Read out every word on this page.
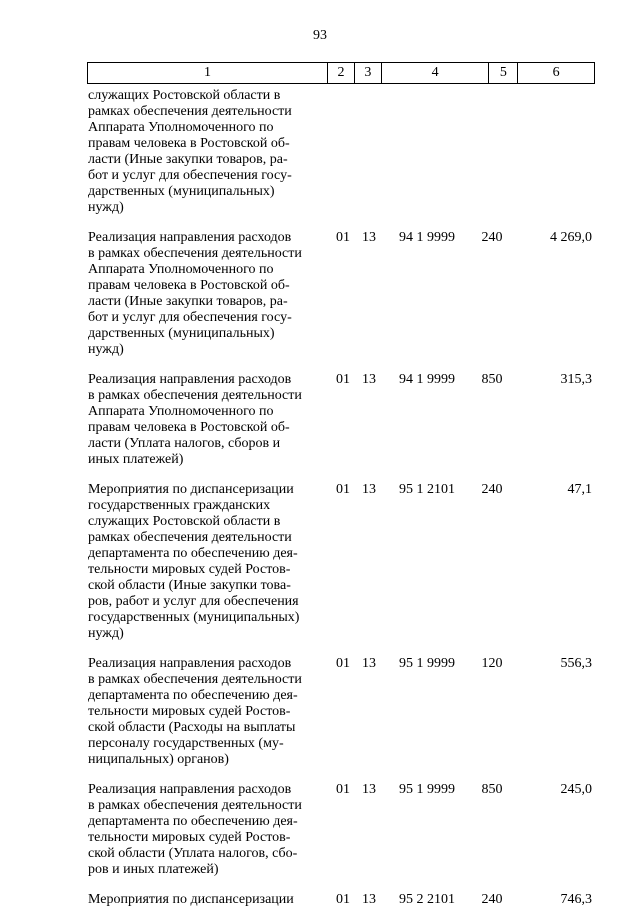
93
1	2	3	4	5	6
служащих Ростовской области в
рамках обеспечения деятельности
Аппарата Уполномоченного по
правам человека в Ростовской об-
ласти (Иные закупки товаров, ра-
бот и услуг для обеспечения госу-
дарственных (муниципальных)
нужд)
Реализация направления расходов
в рамках обеспечения деятельности
Аппарата Уполномоченного по
правам человека в Ростовской об-
ласти (Иные закупки товаров, ра-
бот и услуг для обеспечения госу-
дарственных (муниципальных)
нужд)
01 13	94 1 9999	240	4 269,0
Реализация направления расходов
в рамках обеспечения деятельности
Аппарата Уполномоченного по
правам человека в Ростовской об-
ласти (Уплата налогов, сборов и
иных платежей)
01 13	94 1 9999	850	315,3
Мероприятия по диспансеризации
государственных гражданских
служащих Ростовской области в
рамках обеспечения деятельности
департамента по обеспечению дея-
тельности мировых судей Ростов-
ской области (Иные закупки това-
ров, работ и услуг для обеспечения
государственных (муниципальных)
нужд)
01 13	95 1 2101	240	47,1
Реализация направления расходов
в рамках обеспечения деятельности
департамента по обеспечению дея-
тельности мировых судей Ростов-
ской области (Расходы на выплаты
персоналу государственных (му-
ниципальных) органов)
01 13	95 1 9999	120	556,3
Реализация направления расходов
в рамках обеспечения деятельности
департамента по обеспечению дея-
тельности мировых судей Ростов-
ской области (Уплата налогов, сбо-
ров и иных платежей)
01 13	95 1 9999	850	245,0
Мероприятия по диспансеризации	01 13	95 2 2101	240	746,3
